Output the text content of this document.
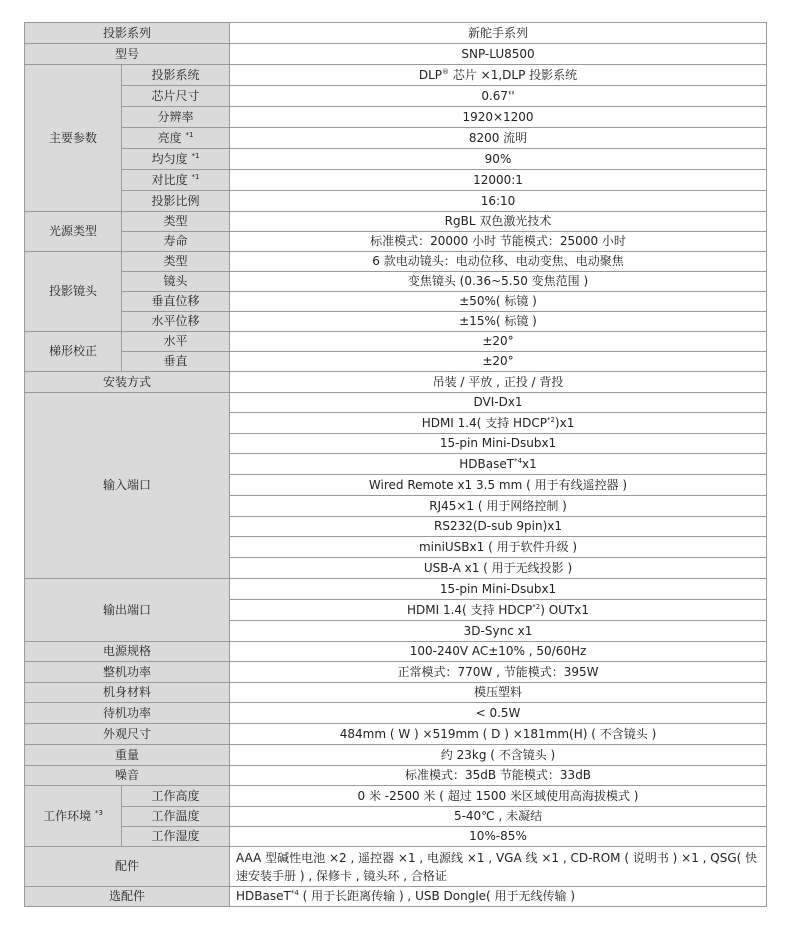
投影系列		新舵手系列
型号		SNP-LU8500
主要参数	投影系统	DLP® 芯片 ×1,DLP 投影系统
	芯片尺寸	0.67''
	分辨率	1920×1200
	亮度 $^{*1}$	8200 流明
	均匀度 $^{*1}$	90%
	对比度 $^{*1}$	12000:1
	投影比例	16:10
光源类型	类型	RgBL 双色激光技术
	寿命	标准模式：20000 小时 节能模式：25000 小时
投影镜头	类型	6 款电动镜头：电动位移、电动变焦、电动聚焦
	镜头	变焦镜头 (0.36~5.50 变焦范围 )
	垂直位移	±50%( 标镜 )
	水平位移	±15%( 标镜 )
梯形校正	水平	±20°
	垂直	±20°
安装方式		吊装 / 平放 , 正投 / 背投
输入端口		DVI-Dx1
		HDMI 1.4( 支持 HDCP$^{*2}$)x1
		15-pin Mini-Dsubx1
		HDBaseT$^{*4}$x1
		Wired Remote x1 3.5 mm ( 用于有线遥控器 )
		RJ45×1 ( 用于网络控制 )
		RS232(D-sub 9pin)x1
		miniUSBx1 ( 用于软件升级 )
		USB-A x1 ( 用于无线投影 )
输出端口		15-pin Mini-Dsubx1
		HDMI 1.4( 支持 HDCP$^{*2}$) OUTx1
		3D-Sync x1
电源规格		100-240V AC±10% , 50/60Hz
整机功率		正常模式：770W , 节能模式：395W
机身材料		模压塑料
待机功率		< 0.5W
外观尺寸		484mm ( W ) ×519mm ( D ) ×181mm(H) ( 不含镜头 )
重量		约 23kg ( 不含镜头 )
噪音		标准模式：35dB 节能模式：33dB
工作环境 $^{*3}$	工作高度	0 米 -2500 米 ( 超过 1500 米区域使用高海拔模式 )
	工作温度	5-40℃ , 未凝结
	工作湿度	10%-85%
配件		AAA 型碱性电池 ×2 , 遥控器 ×1 , 电源线 ×1 , VGA 线 ×1 , CD-ROM ( 说明书 ) ×1 , QSG( 快速安装手册 ) , 保修卡 , 镜头环 , 合格证
选配件		HDBaseT$^{*4}$ ( 用于长距离传输 ) , USB Dongle( 用于无线传输 )
